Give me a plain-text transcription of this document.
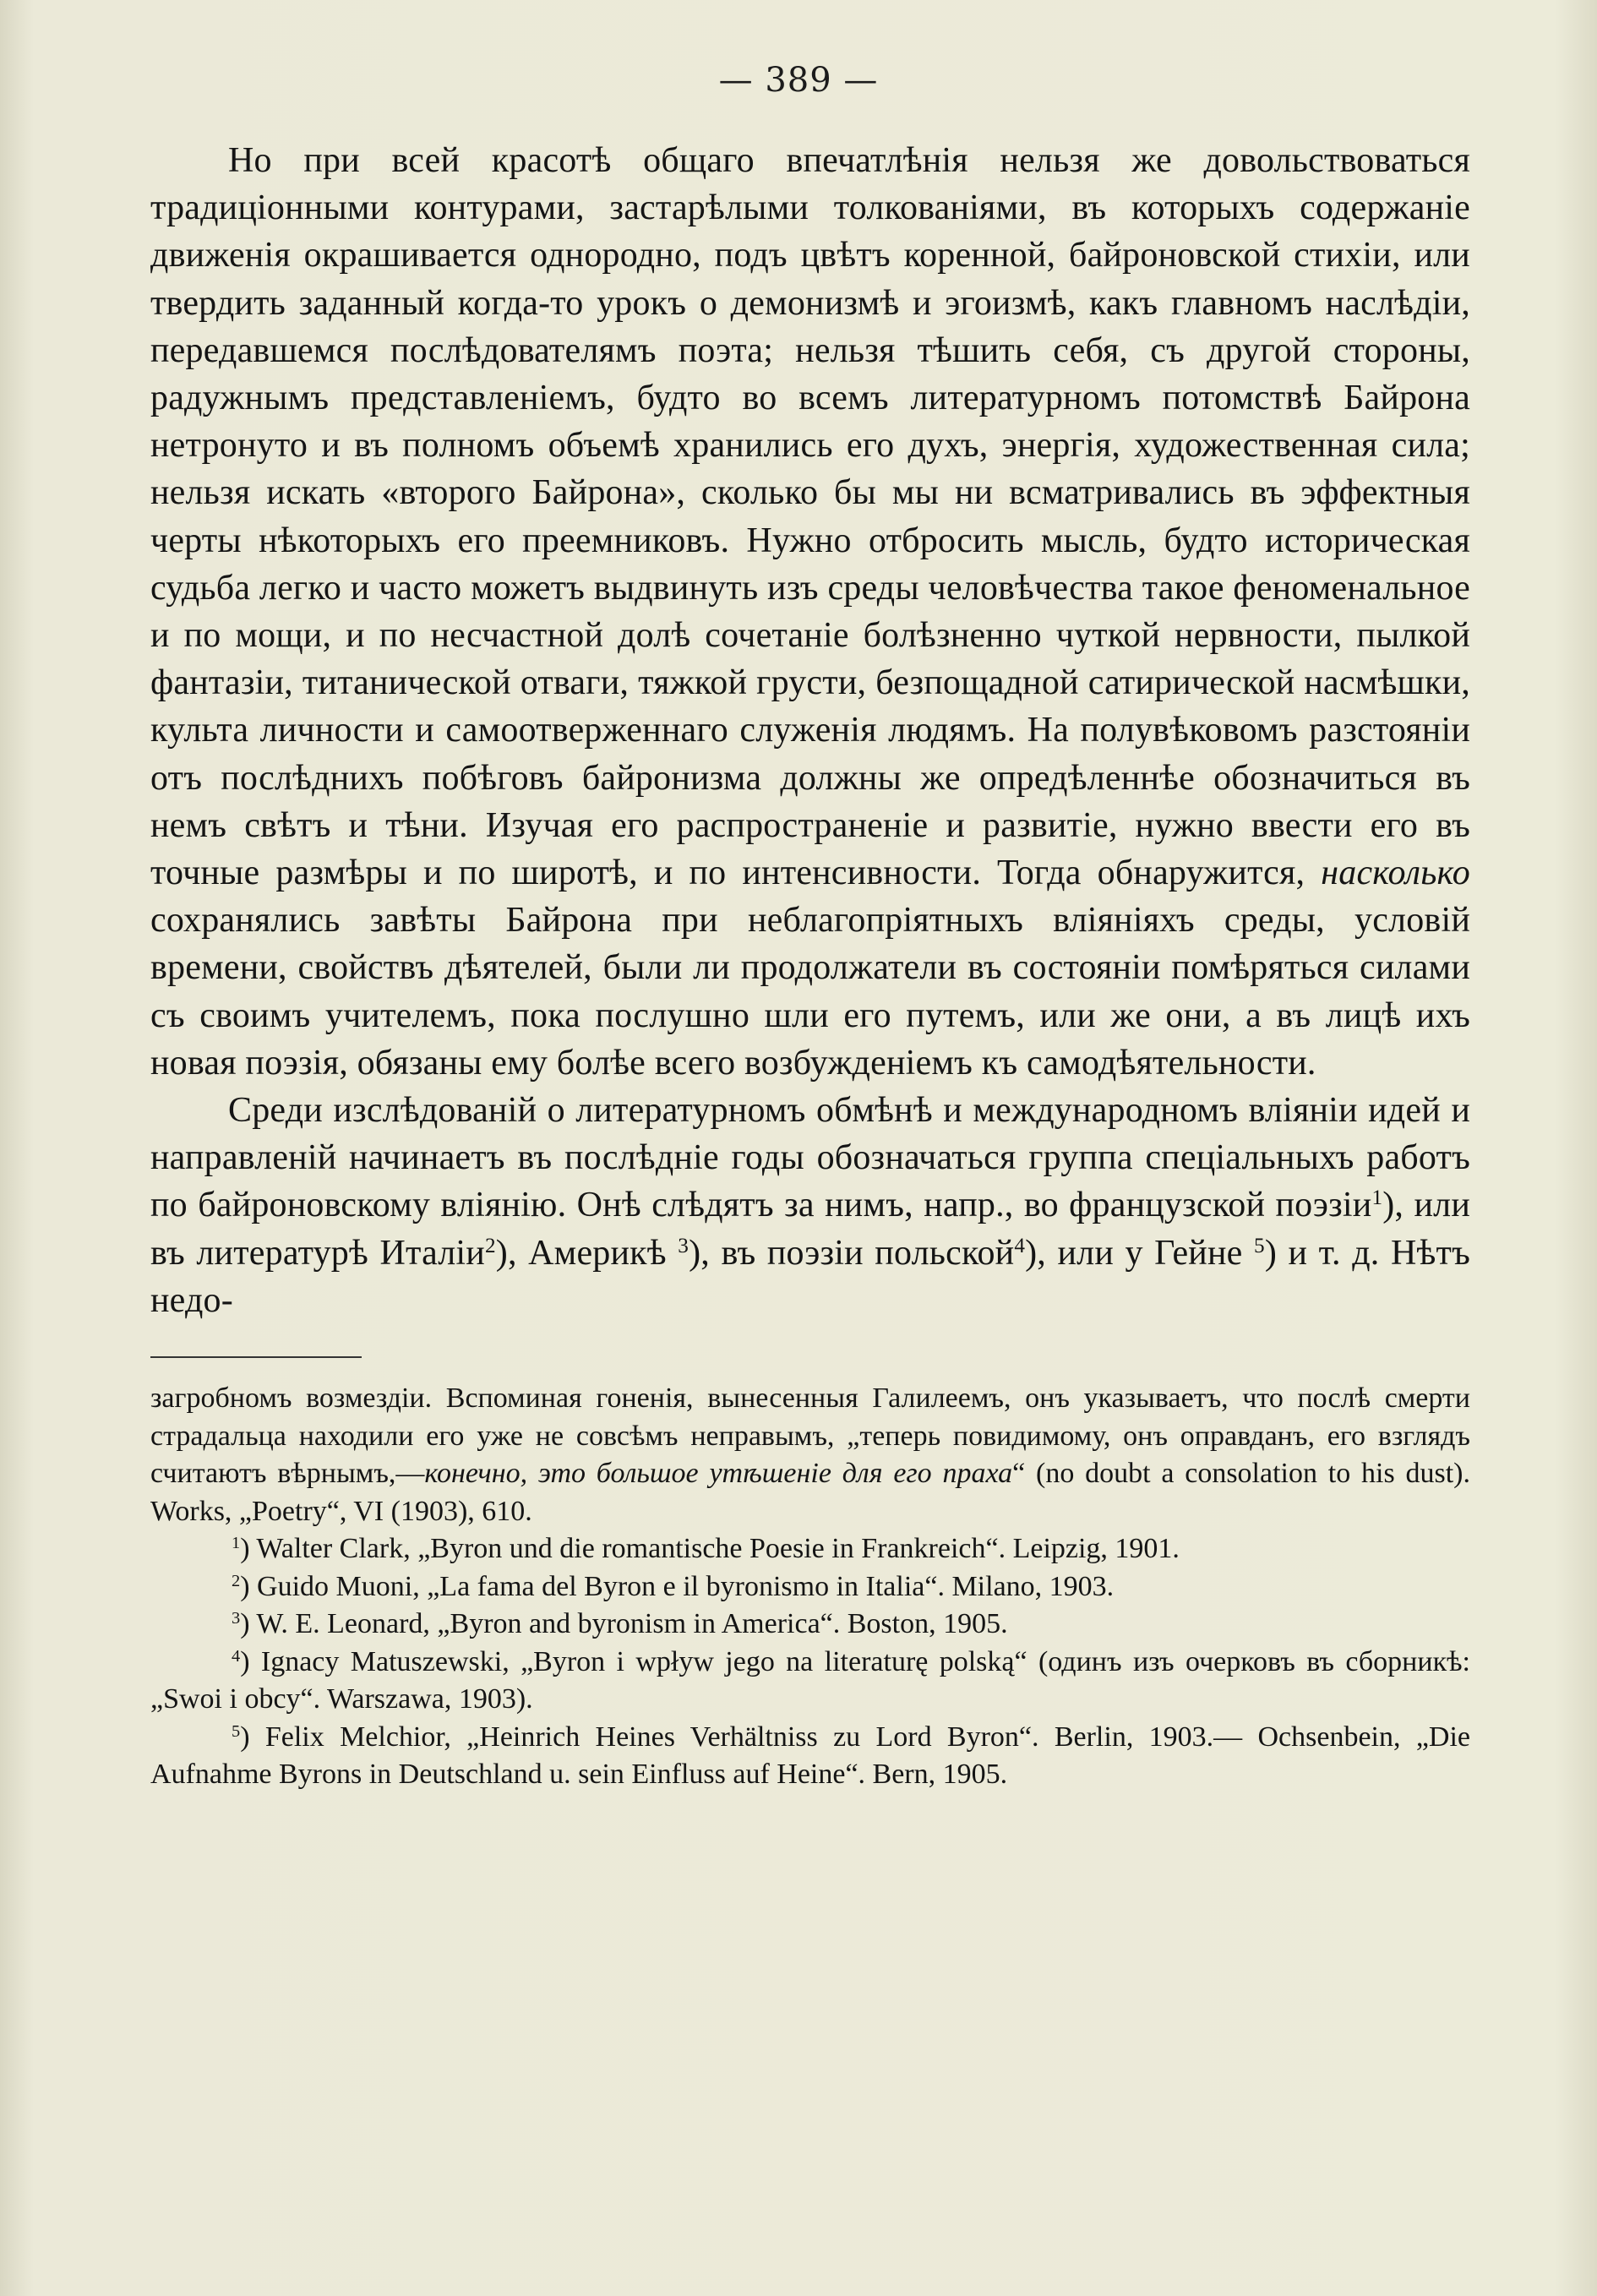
— 389 —

Но при всей красотѣ общаго впечатлѣнія нельзя же довольствоваться традиціонными контурами, застарѣлыми толкованіями, въ которыхъ содержаніе движенія окрашивается однородно, подъ цвѣтъ коренной, байроновской стихіи, или твердить заданный когда-то урокъ о демонизмѣ и эгоизмѣ, какъ главномъ наслѣдіи, передавшемся послѣдователямъ поэта; нельзя тѣшить себя, съ другой стороны, радужнымъ представленіемъ, будто во всемъ литературномъ потомствѣ Байрона нетронуто и въ полномъ объемѣ хранились его духъ, энергія, художественная сила; нельзя искать «второго Байрона», сколько бы мы ни всматривались въ эффектныя черты нѣкоторыхъ его преемниковъ. Нужно отбросить мысль, будто историческая судьба легко и часто можетъ выдвинуть изъ среды человѣчества такое феноменальное и по мощи, и по несчастной долѣ сочетаніе болѣзненно чуткой нервности, пылкой фантазіи, титанической отваги, тяжкой грусти, безпощадной сатирической насмѣшки, культа личности и самоотверженнаго служенія людямъ. На полувѣковомъ разстояніи отъ послѣднихъ побѣговъ байронизма должны же опредѣленнѣе обозначиться въ немъ свѣтъ и тѣни. Изучая его распространеніе и развитіе, нужно ввести его въ точные размѣры и по широтѣ, и по интенсивности. Тогда обнаружится, насколько сохранялись завѣты Байрона при неблагопріятныхъ вліяніяхъ среды, условій времени, свойствъ дѣятелей, были ли продолжатели въ состояніи помѣряться силами съ своимъ учителемъ, пока послушно шли его путемъ, или же они, а въ лицѣ ихъ новая поэзія, обязаны ему болѣе всего возбужденіемъ къ самодѣятельности.

Среди изслѣдованій о литературномъ обмѣнѣ и международномъ вліяніи идей и направленій начинаетъ въ послѣдніе годы обозначаться группа спеціальныхъ работъ по байроновскому вліянію. Онѣ слѣдятъ за нимъ, напр., во французской поэзіи$^1$), или въ литературѣ Италіи$^2$), Америкѣ $^3$), въ поэзіи польской$^4$), или у Гейне $^5$) и т. д. Нѣтъ недо-

загробномъ возмездіи. Вспоминая гоненія, вынесенныя Галилеемъ, онъ указываетъ, что послѣ смерти страдальца находили его уже не совсѣмъ неправымъ, „теперь повидимому, онъ оправданъ, его взглядъ считаютъ вѣрнымъ,—конечно, это большое утѣшеніе для его праха“ (no doubt a consolation to his dust). Works, „Poetry“, VI (1903), 610.

$^1$) Walter Clark, „Byron und die romantische Poesie in Frankreich“. Leipzig, 1901.

$^2$) Guido Muoni, „La fama del Byron e il byronismo in Italia“. Milano, 1903.

$^3$) W. E. Leonard, „Byron and byronism in America“. Boston, 1905.

$^4$) Ignacy Matuszewski, „Byron i wpływ jego na literaturę polską“ (одинъ изъ очерковъ въ сборникѣ: „Swoi i obcy“. Warszawa, 1903).

$^5$) Felix Melchior, „Heinrich Heines Verhältniss zu Lord Byron“. Berlin, 1903.— Ochsenbein, „Die Aufnahme Byrons in Deutschland u. sein Einfluss auf Heine“. Bern, 1905.
